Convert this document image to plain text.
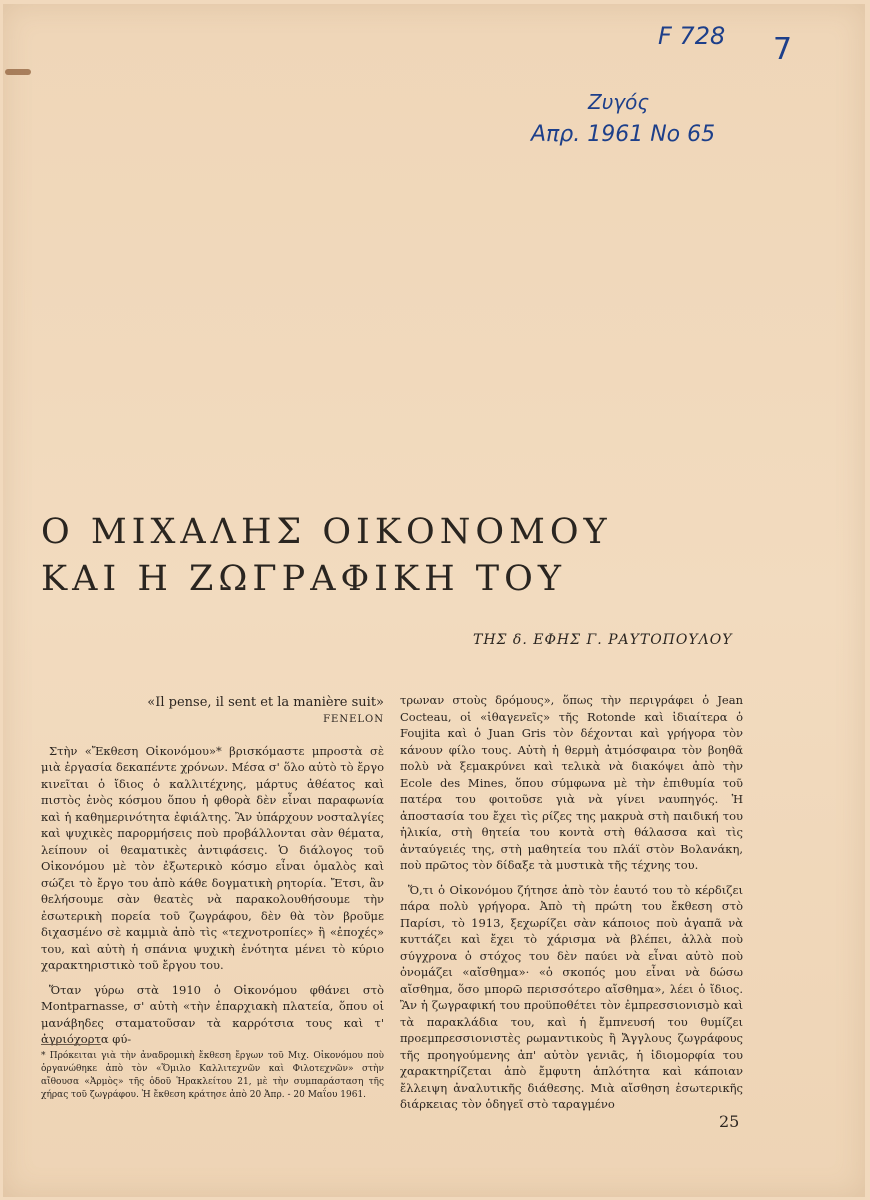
F 728 7
Ζυγός
Απρ. 1961 Νο 65
Ο ΜΙΧΑΛΗΣ ΟΙΚΟΝΟΜΟΥ
ΚΑΙ Η ΖΩΓΡΑΦΙΚΗ ΤΟΥ
ΤΗΣ δ. ΕΦΗΣ Γ. ΡΑΥΤΟΠΟΥΛΟΥ
«Il pense, il sent et la manière suit»
FENELON

Στὴν «Ἔκθεση Οἰκονόμου»* βρισκόμαστε μπροστὰ σὲ μιὰ ἐργασία δεκαπέντε χρόνων. Μέσα σ' ὅλο αὐτὸ τὸ ἔργο κινεῖται ὁ ἴδιος ὁ καλλιτέχνης, μάρτυς ἀθέατος καὶ πιστὸς ἑνὸς κόσμου ὅπου ἡ φθορὰ δὲν εἶναι παραφωνία καὶ ἡ καθημερινότητα ἐφιάλτης. Ἂν ὑπάρχουν νοσταλγίες καὶ ψυχικὲς παρορμήσεις ποὺ προβάλλονται σὰν θέματα, λείπουν οἱ θεαματικὲς ἀντιφάσεις. Ὁ διάλογος τοῦ Οἰκονόμου μὲ τὸν ἐξωτερικὸ κόσμο εἶναι ὁμαλὸς καὶ σώζει τὸ ἔργο του ἀπὸ κάθε δογματικὴ ρητορία. Ἔτσι, ἂν θελήσουμε σὰν θεατὲς νὰ παρακολουθήσουμε τὴν ἐσωτερικὴ πορεία τοῦ ζωγράφου, δὲν θὰ τὸν βροῦμε διχασμένο σὲ καμμιὰ ἀπὸ τὶς «τεχνοτροπίες» ἢ «ἐποχές» του, καὶ αὐτὴ ἡ σπάνια ψυχικὴ ἑνότητα μένει τὸ κύριο χαρακτηριστικὸ τοῦ ἔργου του.

Ὅταν γύρω στὰ 1910 ὁ Οἰκονόμου φθάνει στὸ Montparnasse, σ' αὐτὴ «τὴν ἐπαρχιακὴ πλατεία, ὅπου οἱ μανάβηδες σταματοῦσαν τὰ καρρότσια τους καὶ τ' ἀγριόχορτα φύ-

* Πρόκειται γιὰ τὴν ἀναδρομικὴ ἔκθεση ἔργων τοῦ Μιχ. Οἰκονόμου ποὺ ὀργανώθηκε ἀπὸ τὸν «Ὅμιλο Καλλιτεχνῶν καὶ Φιλοτεχνῶν» στὴν αἴθουσα «Ἁρμὸς» τῆς ὁδοῦ Ἡρακλείτου 21, μὲ τὴν συμπαράσταση τῆς χήρας τοῦ ζωγράφου. Ἡ ἔκθεση κράτησε ἀπὸ 20 Ἀπρ. - 20 Μαΐου 1961.

τρωναν στοὺς δρόμους», ὅπως τὴν περιγράφει ὁ Jean Cocteau, οἱ «ἰθαγενεῖς» τῆς Rotonde καὶ ἰδιαίτερα ὁ Foujita καὶ ὁ Juan Gris τὸν δέχονται καὶ γρήγορα τὸν κάνουν φίλο τους. Αὐτὴ ἡ θερμὴ ἀτμόσφαιρα τὸν βοηθᾶ πολὺ νὰ ξεμακρύνει καὶ τελικὰ νὰ διακόψει ἀπὸ τὴν Ecole des Mines, ὅπου σύμφωνα μὲ τὴν ἐπιθυμία τοῦ πατέρα του φοιτοῦσε γιὰ νὰ γίνει ναυπηγός. Ἡ ἀποστασία του ἔχει τὶς ρίζες της μακρυὰ στὴ παιδική του ἡλικία, στὴ θητεία του κοντὰ στὴ θάλασσα καὶ τὶς ἀνταύγειές της, στὴ μαθητεία του πλάϊ στὸν Βολανάκη, ποὺ πρῶτος τὸν δίδαξε τὰ μυστικὰ τῆς τέχνης του.

Ὅ,τι ὁ Οἰκονόμου ζήτησε ἀπὸ τὸν ἑαυτό του τὸ κέρδιζει πάρα πολὺ γρήγορα. Ἀπὸ τὴ πρώτη του ἔκθεση στὸ Παρίσι, τὸ 1913, ξεχωρίζει σὰν κάποιος ποὺ ἀγαπᾶ νὰ κυττάζει καὶ ἔχει τὸ χάρισμα νὰ βλέπει, ἀλλὰ ποὺ σύγχρονα ὁ στόχος του δὲν παύει νὰ εἶναι αὐτὸ ποὺ ὀνομάζει «αἴσθημα»· «ὁ σκοπός μου εἶναι νὰ δώσω αἴσθημα, ὅσο μπορῶ περισσότερο αἴσθημα», λέει ὁ ἴδιος. Ἂν ἡ ζωγραφική του προϋποθέτει τὸν ἐμπρεσσιονισμὸ καὶ τὰ παρακλάδια του, καὶ ἡ ἔμπνευσή του θυμίζει προεμπρεσσιονιστὲς ρωμαντικοὺς ἢ Ἄγγλους ζωγράφους τῆς προηγούμενης ἀπ' αὐτὸν γενιᾶς, ἡ ἰδιομορφία του χαρακτηρίζεται ἀπὸ ἔμφυτη ἁπλότητα καὶ κάποιαν ἔλλειψη ἀναλυτικῆς διάθεσης. Μιὰ αἴσθηση ἐσωτερικῆς διάρκειας τὸν ὁδηγεῖ στὸ ταραγμένο

25
